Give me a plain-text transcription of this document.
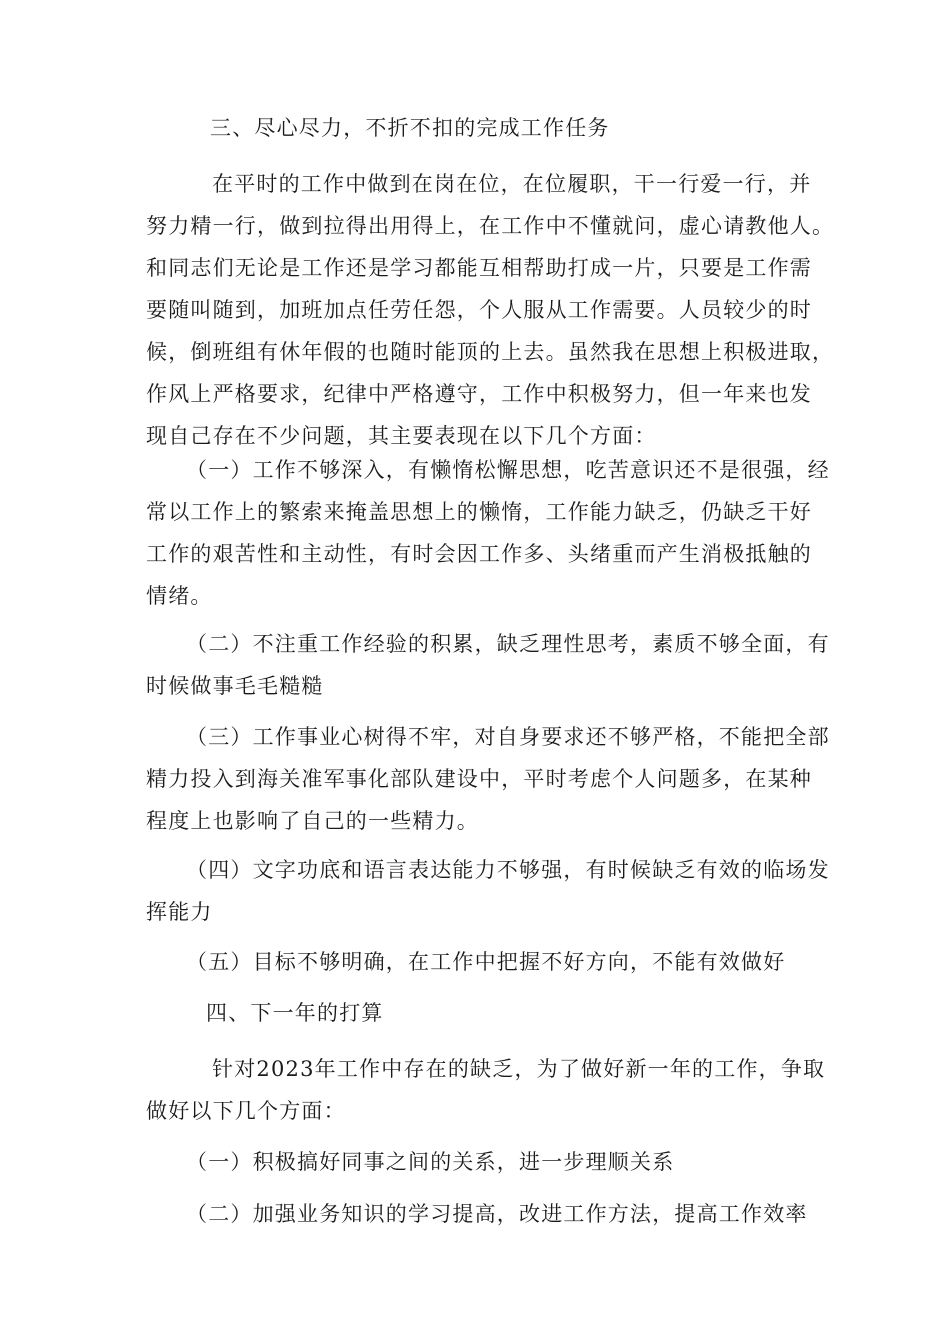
三、尽心尽力，不折不扣的完成工作任务
在平时的工作中做到在岗在位，在位履职，干一行爱一行，并
努力精一行，做到拉得出用得上，在工作中不懂就问，虚心请教他人。
和同志们无论是工作还是学习都能互相帮助打成一片，只要是工作需
要随叫随到，加班加点任劳任怨，个人服从工作需要。人员较少的时
候，倒班组有休年假的也随时能顶的上去。虽然我在思想上积极进取，
作风上严格要求，纪律中严格遵守，工作中积极努力，但一年来也发
现自己存在不少问题，其主要表现在以下几个方面：
（一）工作不够深入，有懒惰松懈思想，吃苦意识还不是很强，经
常以工作上的繁索来掩盖思想上的懒惰，工作能力缺乏，仍缺乏干好
工作的艰苦性和主动性，有时会因工作多、头绪重而产生消极抵触的
情绪。
（二）不注重工作经验的积累，缺乏理性思考，素质不够全面，有
时候做事毛毛糙糙
（三）工作事业心树得不牢，对自身要求还不够严格，不能把全部
精力投入到海关准军事化部队建设中，平时考虑个人问题多，在某种
程度上也影响了自己的一些精力。
（四）文字功底和语言表达能力不够强，有时候缺乏有效的临场发
挥能力
（五）目标不够明确，在工作中把握不好方向，不能有效做好
四、下一年的打算
针对2023年工作中存在的缺乏，为了做好新一年的工作，争取
做好以下几个方面：
（一）积极搞好同事之间的关系，进一步理顺关系
（二）加强业务知识的学习提高，改进工作方法，提高工作效率
